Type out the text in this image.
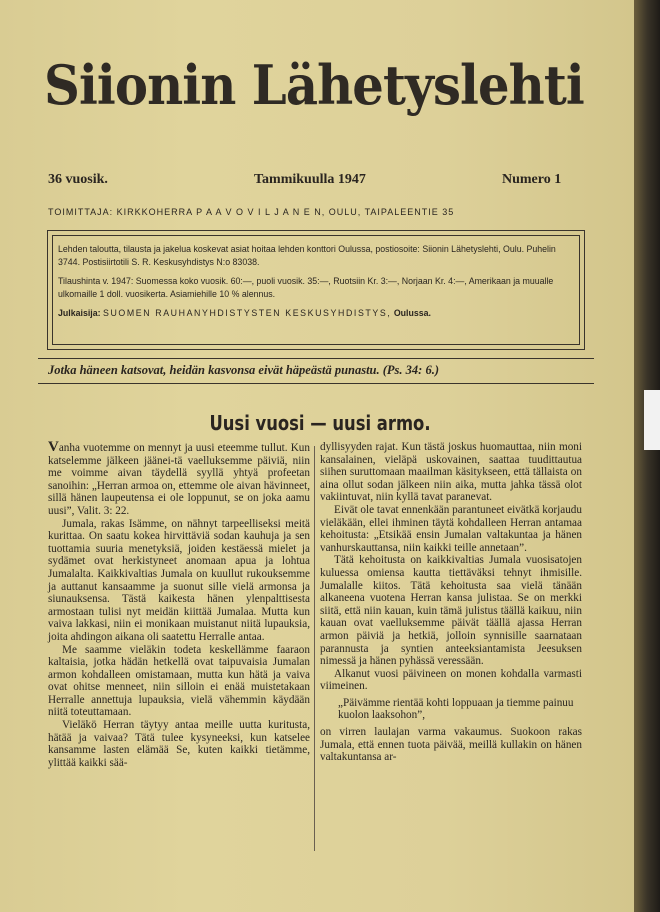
Siionin Lähetyslehti
36 vuosik.	Tammikuulla 1947	Numero 1
TOIMITTAJA: KIRKKOHERRA P A A V O V I L J A N E N, OULU, TAIPALEENTIE 35

Lehden taloutta, tilausta ja jakelua koskevat asiat hoitaa lehden konttori Oulussa, postiosoite: Siionin Lähetyslehti, Oulu. Puhelin 3744. Postisiirtotili S. R. Keskusyhdistys N:o 83038.

Tilaushinta v. 1947: Suomessa koko vuosik. 60:—, puoli vuosik. 35:—, Ruotsiin Kr. 3:—, Norjaan Kr. 4:—, Amerikaan ja muualle ulkomaille 1 doll. vuosikerta. Asiamiehille 10 % alennus.

Julkaisija: SUOMEN RAUHANYHDISTYSTEN KESKUSYHDISTYS, Oulussa.

Jotka häneen katsovat, heidän kasvonsa eivät häpeästä punastu. (Ps. 34: 6.)
Uusi vuosi — uusi armo.

Vanha vuotemme on mennyt ja uusi eteemme tullut. Kun katselemme jälkeen jäänei-tä vaelluksemme päiviä, niin me voimme aivan täydellä syyllä yhtyä profeetan sanoihin: „Herran armoa on, ettemme ole aivan hävinneet, sillä hänen laupeutensa ei ole loppunut, se on joka aamu uusi”, Valit. 3: 22.

Jumala, rakas Isämme, on nähnyt tarpeelliseksi meitä kurittaa. On saatu kokea hirvittäviä sodan kauhuja ja sen tuottamia suuria menetyksiä, joiden kestäessä mielet ja sydämet ovat herkistyneet anomaan apua ja lohtua Jumalalta. Kaikkivaltias Jumala on kuullut rukouksemme ja auttanut kansaamme ja suonut sille vielä armonsa ja siunauksensa. Tästä kaikesta hänen ylenpalttisesta armostaan tulisi nyt meidän kiittää Jumalaa. Mutta kun vaiva lakkasi, niin ei monikaan muistanut niitä lupauksia, joita ahdingon aikana oli saatettu Herralle antaa.

Me saamme vieläkin todeta keskellämme faaraon kaltaisia, jotka hädän hetkellä ovat taipuvaisia Jumalan armon kohdalleen omistamaan, mutta kun hätä ja vaiva ovat ohitse menneet, niin silloin ei enää muistetakaan Herralle annettuja lupauksia, vielä vähemmin käydään niitä toteuttamaan.

Vieläkö Herran täytyy antaa meille uutta kuritusta, hätää ja vaivaa? Tätä tulee kysyneeksi, kun katselee kansamme lasten elämää Se, kuten kaikki tietämme, ylittää kaikki sää-

dyllisyyden rajat. Kun tästä joskus huomauttaa, niin moni kansalainen, vieläpä uskovainen, saattaa tuudittautua siihen suruttomaan maailman käsitykseen, että tällaista on aina ollut sodan jälkeen niin aika, mutta jahka tässä olot vakiintuvat, niin kyllä tavat paranevat.

Eivät ole tavat ennenkään parantuneet eivätkä korjaudu vieläkään, ellei ihminen täytä kohdalleen Herran antamaa kehoitusta: „Etsikää ensin Jumalan valtakuntaa ja hänen vanhurskauttansa, niin kaikki teille annetaan”.

Tätä kehoitusta on kaikkivaltias Jumala vuosisatojen kuluessa omiensa kautta tiettäväksi tehnyt ihmisille. Jumalalle kiitos. Tätä kehoitusta saa vielä tänään alkaneena vuotena Herran kansa julistaa. Se on merkki siitä, että niin kauan, kuin tämä julistus täällä kaikuu, niin kauan ovat vaelluksemme päivät täällä ajassa Herran armon päiviä ja hetkiä, jolloin synnisille saarnataan parannusta ja syntien anteeksiantamista Jeesuksen nimessä ja hänen pyhässä veressään.

Alkanut vuosi päivineen on monen kohdalla varmasti viimeinen.

„Päivämme rientää kohti loppuaan ja tiemme painuu kuolon laaksohon”,

on virren laulajan varma vakaumus. Suokoon rakas Jumala, että ennen tuota päivää, meillä kullakin on hänen valtakuntansa ar-
